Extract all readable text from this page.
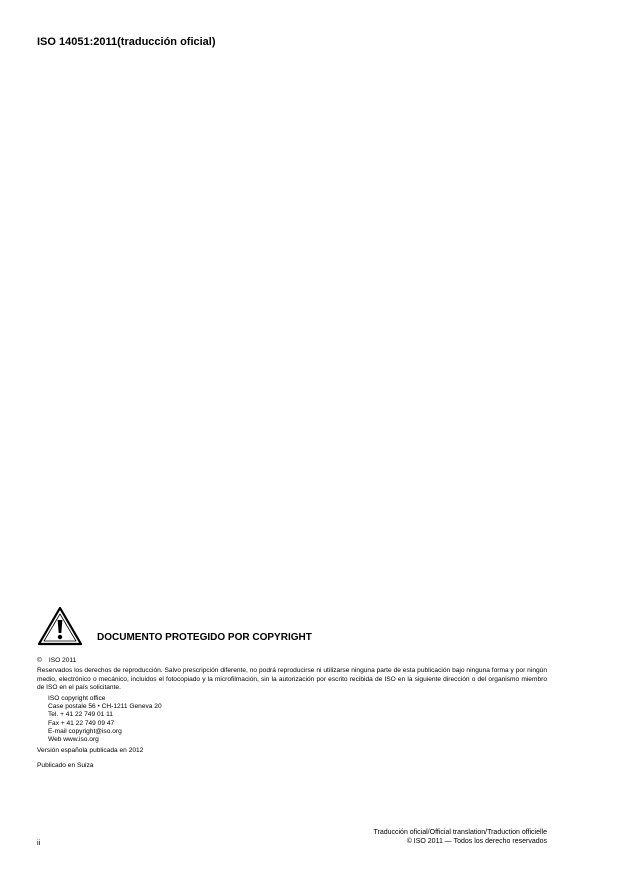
ISO 14051:2011(traducción oficial)
DOCUMENTO PROTEGIDO POR COPYRIGHT
© ISO 2011
Reservados los derechos de reproducción. Salvo prescripción diferente, no podrá reproducirse ni utilizarse ninguna parte de esta publicación bajo ninguna forma y por ningún medio, electrónico o mecánico, incluidos el fotocopiado y la microfilmación, sin la autorización por escrito recibida de ISO en la siguiente dirección o del organismo miembro de ISO en el país solicitante.
ISO copyright office
Case postale 56 • CH-1211 Geneva 20
Tel. + 41 22 749 01 11
Fax + 41 22 749 09 47
E-mail copyright@iso.org
Web www.iso.org
Versión española publicada en 2012
Publicado en Suiza
ii
Traducción oficial/Official translation/Traduction officielle
© ISO 2011 — Todos los derecho reservados
